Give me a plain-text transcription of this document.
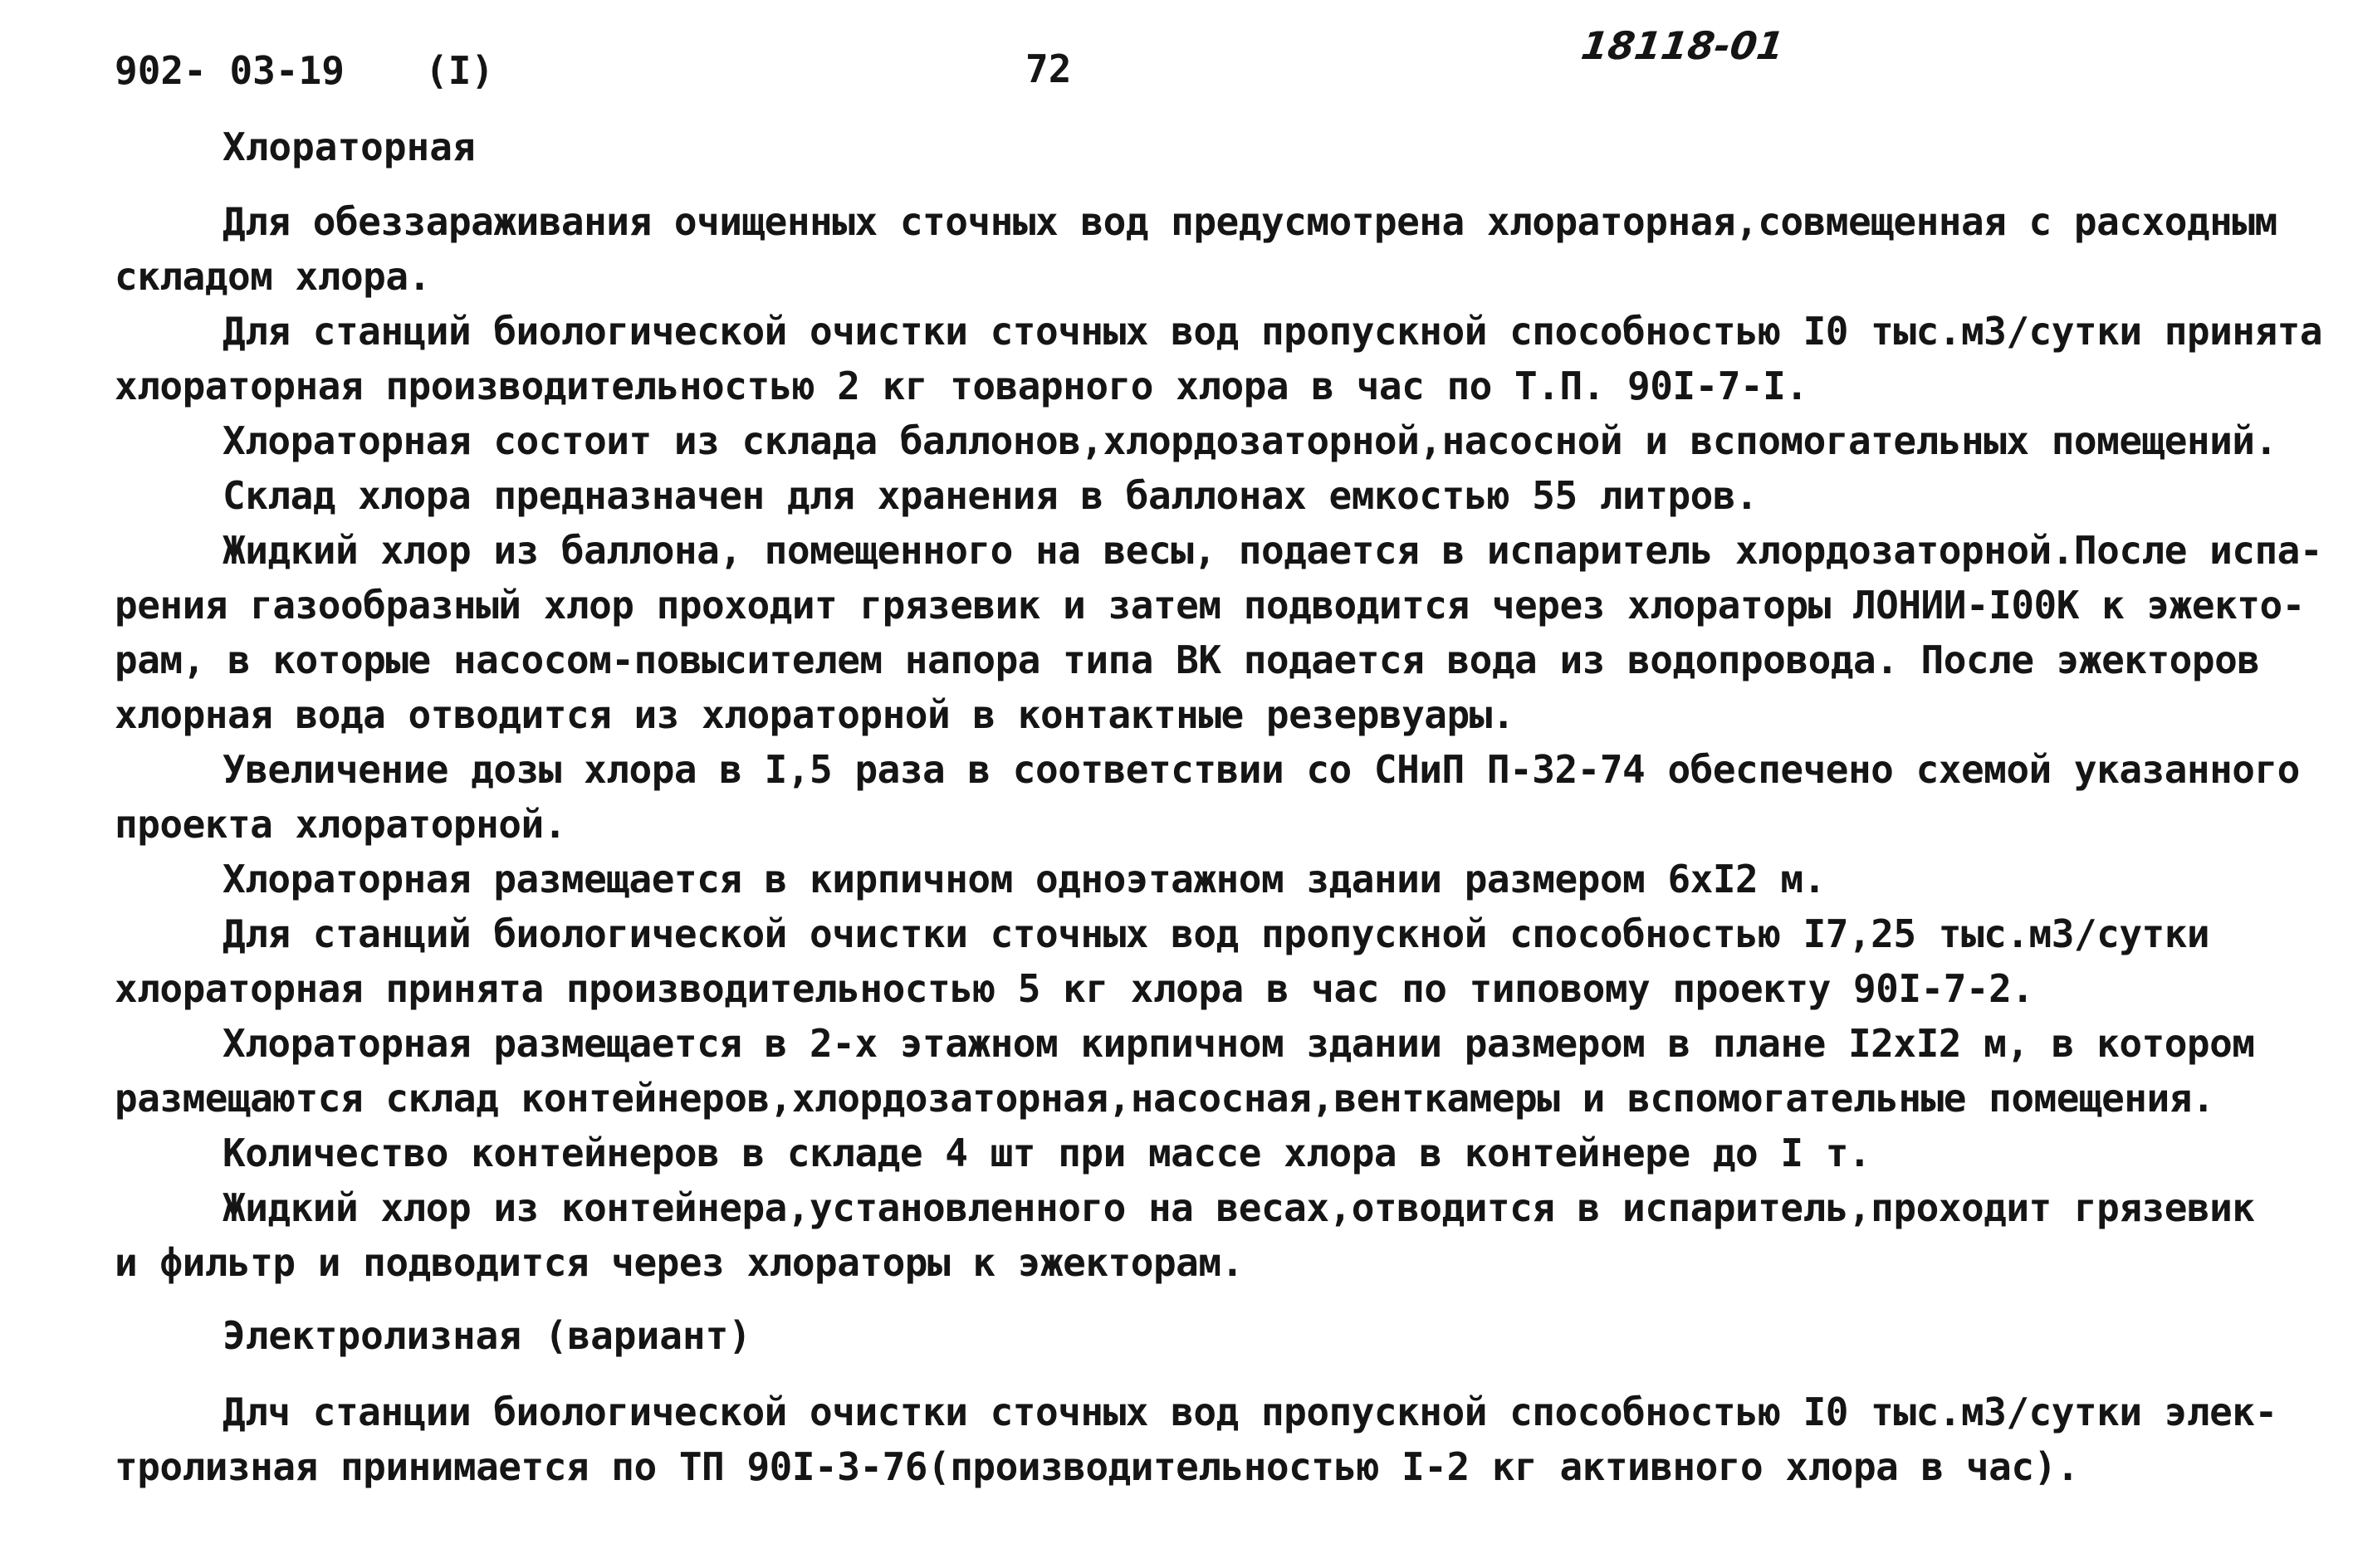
902- 03-19 (I)	72
18118-01
Хлораторная
Для обеззараживания очищенных сточных вод предусмотрена хлораторная,совмещенная с расходным
складом хлора.
Для станций биологической очистки сточных вод пропускной способностью I0 тыс.м3/сутки принята
хлораторная производительностью 2 кг товарного хлора в час по Т.П. 90I-7-I.
Хлораторная состоит из склада баллонов,хлордозаторной,насосной и вспомогательных помещений.
Склад хлора предназначен для хранения в баллонах емкостью 55 литров.
Жидкий хлор из баллона, помещенного на весы, подается в испаритель хлордозаторной.После испа-
рения газообразный хлор проходит грязевик и затем подводится через хлораторы ЛОНИИ-I00К к эжекто-
рам, в которые насосом-повысителем напора типа ВК подается вода из водопровода. После эжекторов
хлорная вода отводится из хлораторной в контактные резервуары.
Увеличение дозы хлора в I,5 раза в соответствии со СНиП П-32-74 обеспечено схемой указанного
проекта хлораторной.
Хлораторная размещается в кирпичном одноэтажном здании размером 6xI2 м.
Для станций биологической очистки сточных вод пропускной способностью I7,25 тыс.м3/сутки
хлораторная принята производительностью 5 кг хлора в час по типовому проекту 90I-7-2.
Хлораторная размещается в 2-х этажном кирпичном здании размером в плане I2xI2 м, в котором
размещаются склад контейнеров,хлордозаторная,насосная,венткамеры и вспомогательные помещения.
Количество контейнеров в складе 4 шт при массе хлора в контейнере до I т.
Жидкий хлор из контейнера,установленного на весах,отводится в испаритель,проходит грязевик
и фильтр и подводится через хлораторы к эжекторам.
Электролизная (вариант)
Длч станции биологической очистки сточных вод пропускной способностью I0 тыс.м3/сутки элек-
тролизная принимается по ТП 90I-3-76(производительностью I-2 кг активного хлора в час).
